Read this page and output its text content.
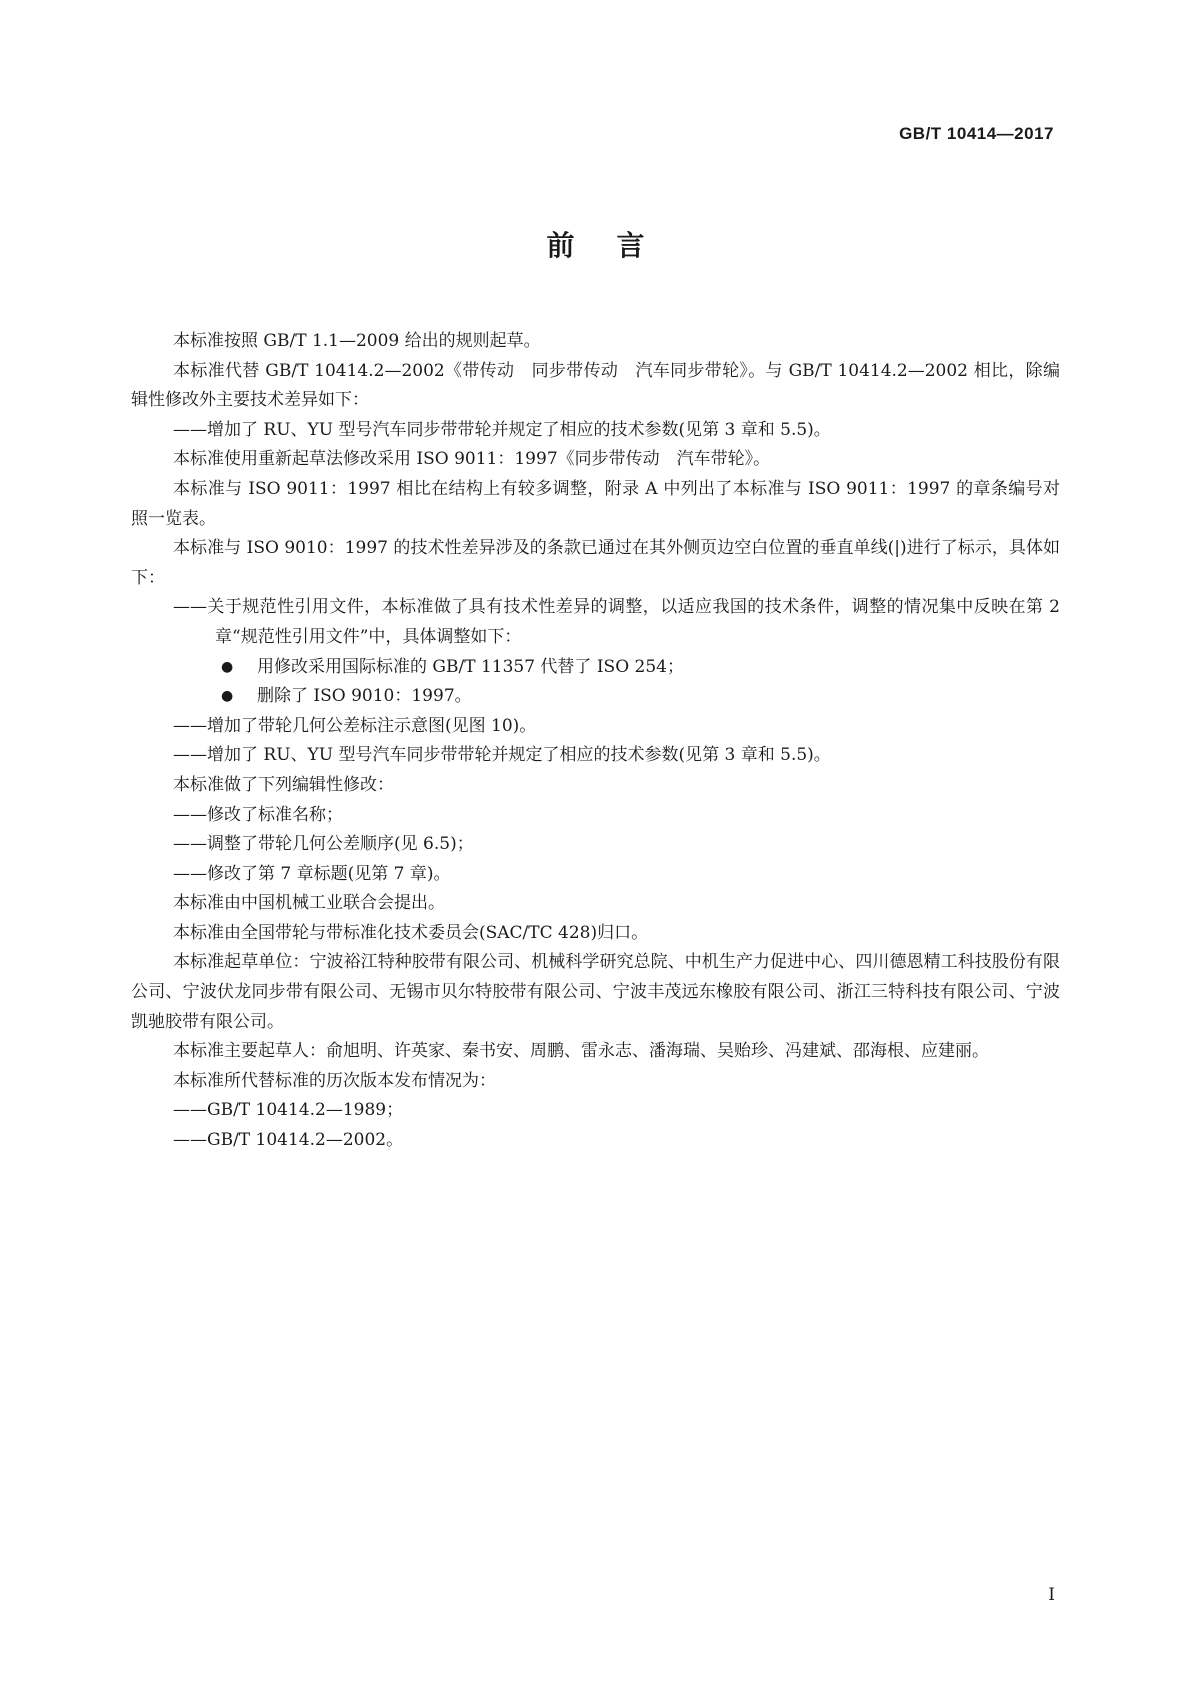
GB/T 10414—2017
前言

本标准按照 GB/T 1.1—2009 给出的规则起草。

本标准代替 GB/T 10414.2—2002《带传动　同步带传动　汽车同步带轮》。与 GB/T 10414.2—2002 相比，除编辑性修改外主要技术差异如下：

——增加了 RU、YU 型号汽车同步带带轮并规定了相应的技术参数(见第 3 章和 5.5)。

本标准使用重新起草法修改采用 ISO 9011：1997《同步带传动　汽车带轮》。

本标准与 ISO 9011：1997 相比在结构上有较多调整，附录 A 中列出了本标准与 ISO 9011：1997 的章条编号对照一览表。

本标准与 ISO 9010：1997 的技术性差异涉及的条款已通过在其外侧页边空白位置的垂直单线(|)进行了标示，具体如下：

——关于规范性引用文件，本标准做了具有技术性差异的调整，以适应我国的技术条件，调整的情况集中反映在第 2 章“规范性引用文件”中，具体调整如下：

● 用修改采用国际标准的 GB/T 11357 代替了 ISO 254；
● 删除了 ISO 9010：1997。

——增加了带轮几何公差标注示意图(见图 10)。

——增加了 RU、YU 型号汽车同步带带轮并规定了相应的技术参数(见第 3 章和 5.5)。

本标准做了下列编辑性修改：

——修改了标准名称；

——调整了带轮几何公差顺序(见 6.5)；

——修改了第 7 章标题(见第 7 章)。

本标准由中国机械工业联合会提出。

本标准由全国带轮与带标准化技术委员会(SAC/TC 428)归口。

本标准起草单位：宁波裕江特种胶带有限公司、机械科学研究总院、中机生产力促进中心、四川德恩精工科技股份有限公司、宁波伏龙同步带有限公司、无锡市贝尔特胶带有限公司、宁波丰茂远东橡胶有限公司、浙江三特科技有限公司、宁波凯驰胶带有限公司。

本标准主要起草人：俞旭明、许英家、秦书安、周鹏、雷永志、潘海瑞、吴贻珍、冯建斌、邵海根、应建丽。

本标准所代替标准的历次版本发布情况为：

——GB/T 10414.2—1989；

——GB/T 10414.2—2002。

I
